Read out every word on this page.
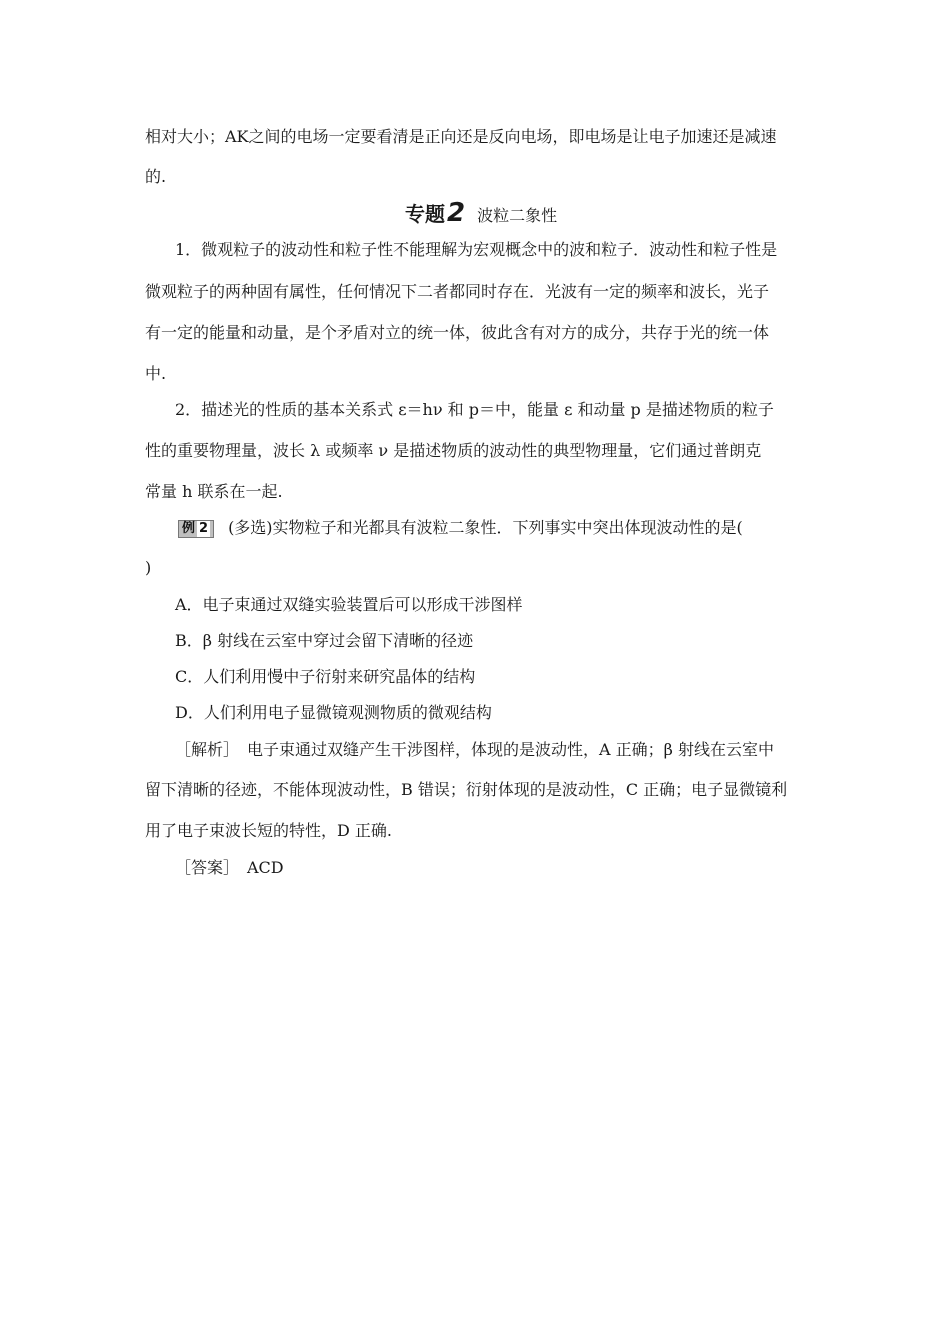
相对大小；AK之间的电场一定要看清是正向还是反向电场，即电场是让电子加速还是减速
的.
专题2 波粒二象性
1．微观粒子的波动性和粒子性不能理解为宏观概念中的波和粒子．波动性和粒子性是
微观粒子的两种固有属性，任何情况下二者都同时存在．光波有一定的频率和波长，光子
有一定的能量和动量，是个矛盾对立的统一体，彼此含有对方的成分，共存于光的统一体
中.
2．描述光的性质的基本关系式 ε＝hν 和 p＝中，能量 ε 和动量 p 是描述物质的粒子
性的重要物理量，波长 λ 或频率 ν 是描述物质的波动性的典型物理量，它们通过普朗克
常量 h 联系在一起.
例 2 (多选)实物粒子和光都具有波粒二象性．下列事实中突出体现波动性的是(
)
A．电子束通过双缝实验装置后可以形成干涉图样
B．β 射线在云室中穿过会留下清晰的径迹
C．人们利用慢中子衍射来研究晶体的结构
D．人们利用电子显微镜观测物质的微观结构
［解析］　电子束通过双缝产生干涉图样，体现的是波动性，A 正确；β 射线在云室中
留下清晰的径迹，不能体现波动性，B 错误；衍射体现的是波动性，C 正确；电子显微镜利
用了电子束波长短的特性，D 正确.
［答案］　ACD
